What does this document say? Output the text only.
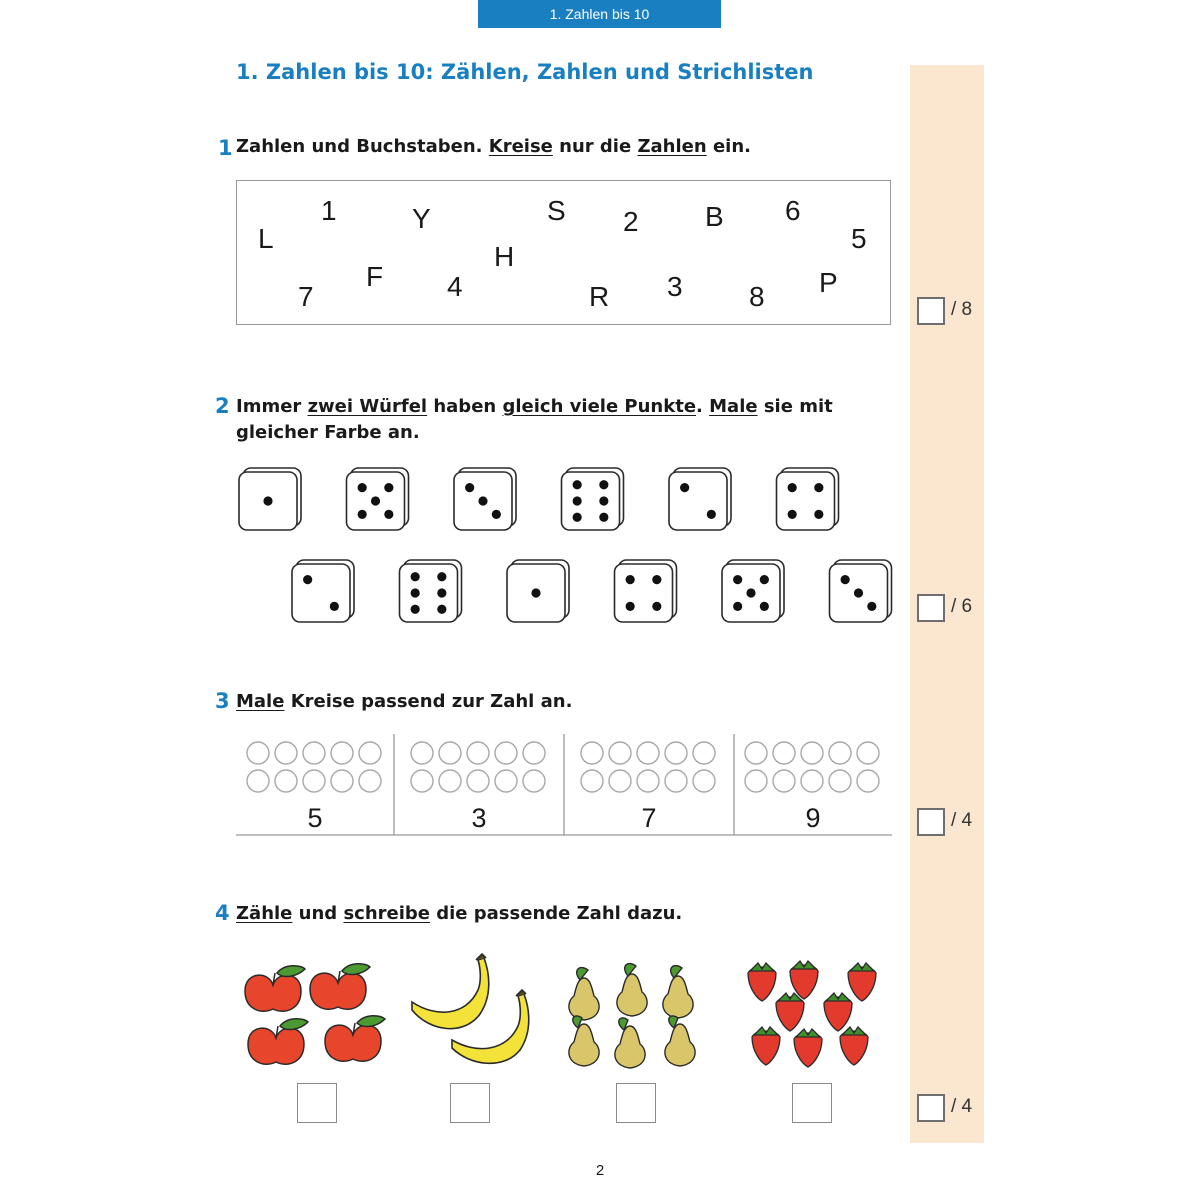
1. Zahlen bis 10
1. Zahlen bis 10: Zählen, Zahlen und Strichlisten
1 Zahlen und Buchstaben. Kreise nur die Zahlen ein.
L
1	Y	S 2 B 6
5
7
F 4
H
R 3 8 P
/ 8
2 Immer zwei Würfel haben gleich viele Punkte. Male sie mit gleicher Farbe an.
/ 6
3 Male Kreise passend zur Zahl an.
5	3	7	9	/ 4
4 Zähle und schreibe die passende Zahl dazu.
/ 4
2
